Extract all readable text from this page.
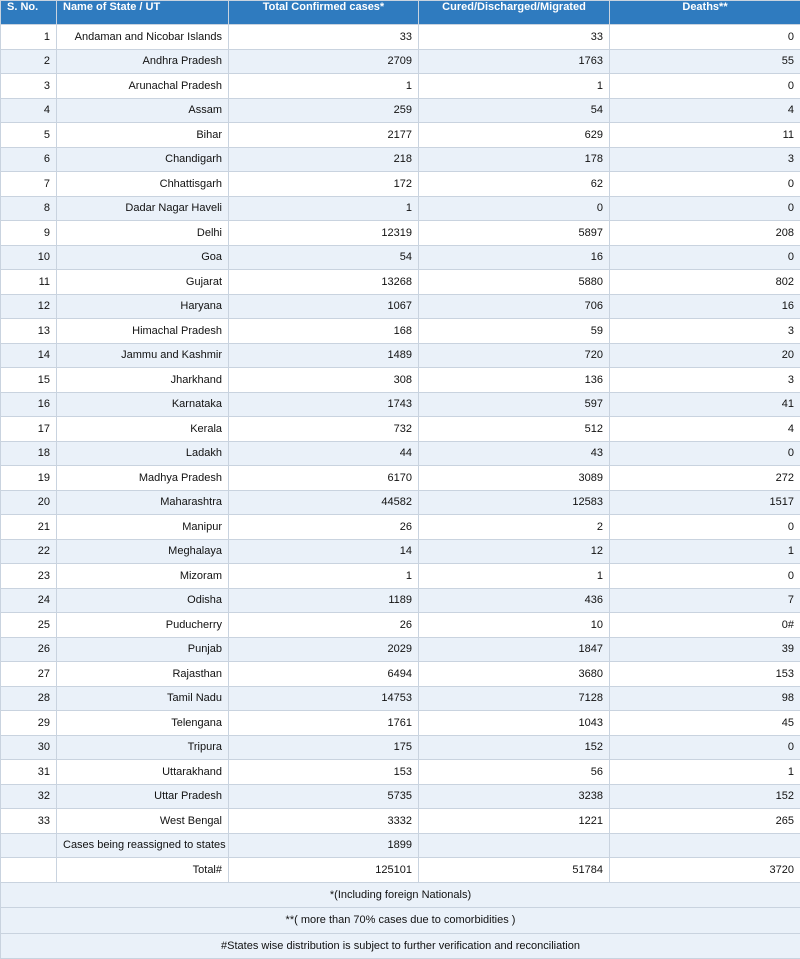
S. No.	Name of State / UT	Total Confirmed cases*	Cured/Discharged/Migrated	Deaths**
1	Andaman and Nicobar Islands	33	33	0
2	Andhra Pradesh	2709	1763	55
3	Arunachal Pradesh	1	1	0
4	Assam	259	54	4
5	Bihar	2177	629	11
6	Chandigarh	218	178	3
7	Chhattisgarh	172	62	0
8	Dadar Nagar Haveli	1	0	0
9	Delhi	12319	5897	208
10	Goa	54	16	0
11	Gujarat	13268	5880	802
12	Haryana	1067	706	16
13	Himachal Pradesh	168	59	3
14	Jammu and Kashmir	1489	720	20
15	Jharkhand	308	136	3
16	Karnataka	1743	597	41
17	Kerala	732	512	4
18	Ladakh	44	43	0
19	Madhya Pradesh	6170	3089	272
20	Maharashtra	44582	12583	1517
21	Manipur	26	2	0
22	Meghalaya	14	12	1
23	Mizoram	1	1	0
24	Odisha	1189	436	7
25	Puducherry	26	10	0#
26	Punjab	2029	1847	39
27	Rajasthan	6494	3680	153
28	Tamil Nadu	14753	7128	98
29	Telengana	1761	1043	45
30	Tripura	175	152	0
31	Uttarakhand	153	56	1
32	Uttar Pradesh	5735	3238	152
33	West Bengal	3332	1221	265
	Cases being reassigned to states	1899		
	Total#	125101	51784	3720
*(Including foreign Nationals)				
**( more than 70% cases due to comorbidities )				
#States wise distribution is subject to further verification and reconciliation				
